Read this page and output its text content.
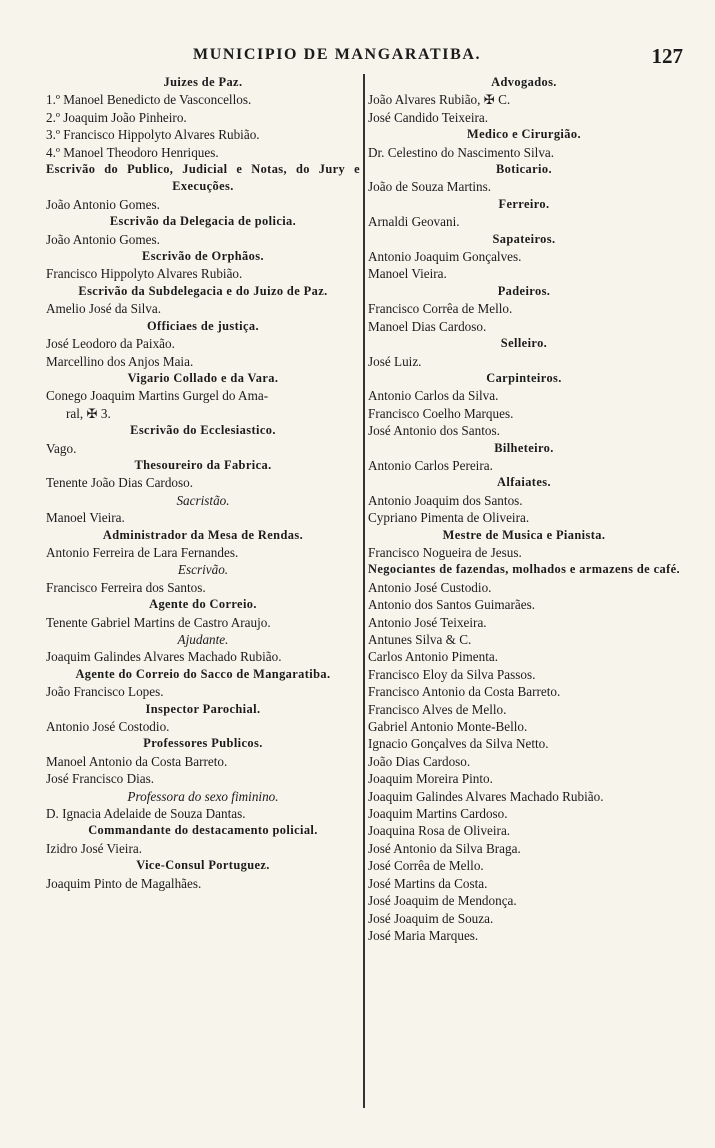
MUNICIPIO DE MANGARATIBA.	127
Juizes de Paz.
1.º Manoel Benedicto de Vasconcellos.
2.º Joaquim João Pinheiro.
3.º Francisco Hippolyto Alvares Rubião.
4.º Manoel Theodoro Henriques.
Escrivão do Publico, Judicial e Notas, do Jury e Execuções.
João Antonio Gomes.
Escrivão da Delegacia de policia.
João Antonio Gomes.
Escrivão de Orphãos.
Francisco Hippolyto Alvares Rubião.
Escrivão da Subdelegacia e do Juizo de Paz.
Amelio José da Silva.
Officiaes de justiça.
José Leodoro da Paixão.
Marcellino dos Anjos Maia.
Vigario Collado e da Vara.
Conego Joaquim Martins Gurgel do Ama-
ral, ✠ 3.
Escrivão do Ecclesiastico.
Vago.
Thesoureiro da Fabrica.
Tenente João Dias Cardoso.
Sacristão.
Manoel Vieira.
Administrador da Mesa de Rendas.
Antonio Ferreira de Lara Fernandes.
Escrivão.
Francisco Ferreira dos Santos.
Agente do Correio.
Tenente Gabriel Martins de Castro Araujo.
Ajudante.
Joaquim Galindes Alvares Machado Rubião.
Agente do Correio do Sacco de Mangaratiba.
João Francisco Lopes.
Inspector Parochial.
Antonio José Costodio.
Professores Publicos.
Manoel Antonio da Costa Barreto.
José Francisco Dias.
Professora do sexo fiminino.
D. Ignacia Adelaide de Souza Dantas.
Commandante do destacamento policial.
Izidro José Vieira.
Vice-Consul Portuguez.
Joaquim Pinto de Magalhães.
Advogados.
João Alvares Rubião, ✠ C.
José Candido Teixeira.
Medico e Cirurgião.
Dr. Celestino do Nascimento Silva.
Boticario.
João de Souza Martins.
Ferreiro.
Arnaldi Geovani.
Sapateiros.
Antonio Joaquim Gonçalves.
Manoel Vieira.
Padeiros.
Francisco Corrêa de Mello.
Manoel Dias Cardoso.
Selleiro.
José Luiz.
Carpinteiros.
Antonio Carlos da Silva.
Francisco Coelho Marques.
José Antonio dos Santos.
Bilheteiro.
Antonio Carlos Pereira.
Alfaiates.
Antonio Joaquim dos Santos.
Cypriano Pimenta de Oliveira.
Mestre de Musica e Pianista.
Francisco Nogueira de Jesus.
Negociantes de fazendas, molhados e armazens de café.
Antonio José Custodio.
Antonio dos Santos Guimarães.
Antonio José Teixeira.
Antunes Silva & C.
Carlos Antonio Pimenta.
Francisco Eloy da Silva Passos.
Francisco Antonio da Costa Barreto.
Francisco Alves de Mello.
Gabriel Antonio Monte-Bello.
Ignacio Gonçalves da Silva Netto.
João Dias Cardoso.
Joaquim Moreira Pinto.
Joaquim Galindes Alvares Machado Rubião.
Joaquim Martins Cardoso.
Joaquina Rosa de Oliveira.
José Antonio da Silva Braga.
José Corrêa de Mello.
José Martins da Costa.
José Joaquim de Mendonça.
José Joaquim de Souza.
José Maria Marques.
